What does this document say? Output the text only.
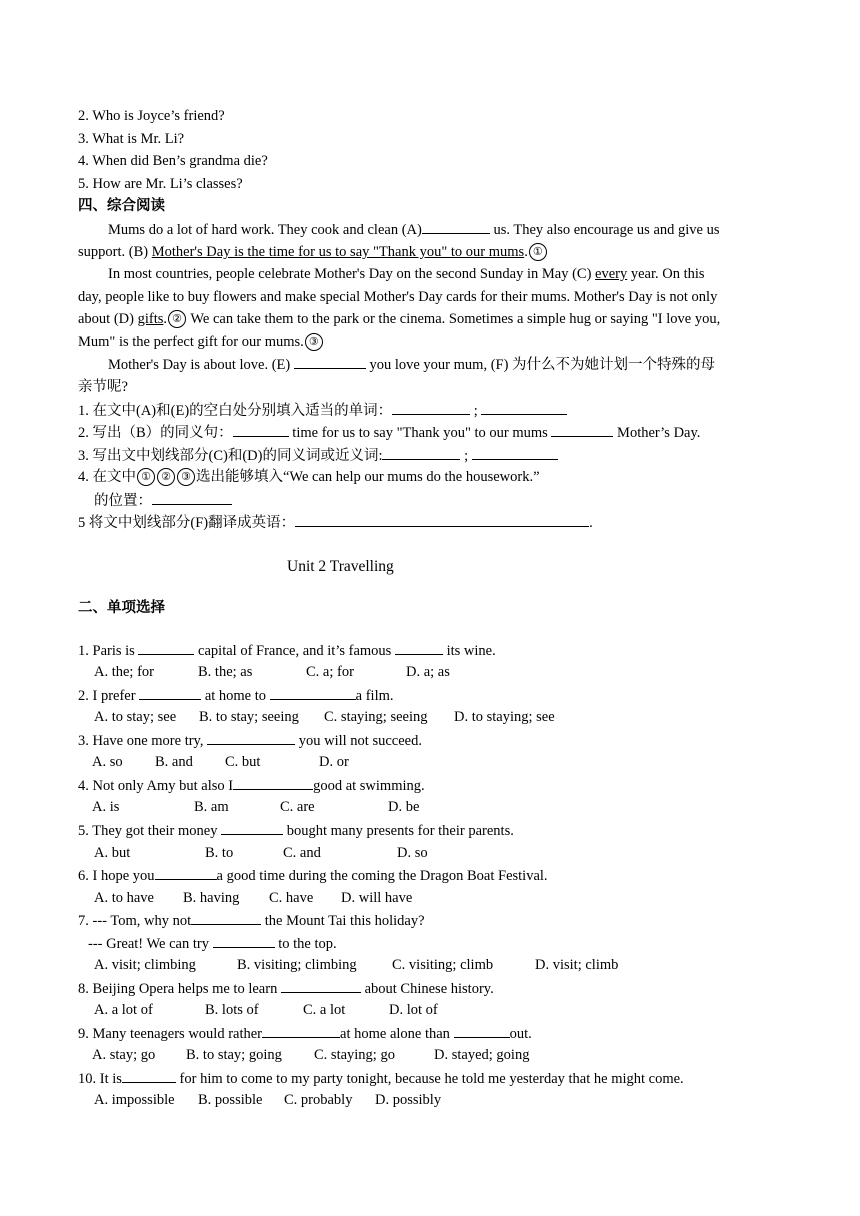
2. Who is Joyce’s friend?
3. What is Mr. Li?
4. When did Ben’s grandma die?
5. How are Mr. Li’s classes?
四、综合阅读
Mums do a lot of hard work. They cook and clean (A)	us. They also encourage us and give us
support. (B) Mother's Day is the time for us to say "Thank you" to our mums. ①
In most countries, people celebrate Mother's Day on the second Sunday in May (C) every year. On this
day, people like to buy flowers and make special Mother's Day cards for their mums. Mother's Day is not only
about (D) gifts. ② We can take them to the park or the cinema. Sometimes a simple hug or saying "I love you,
Mum" is the perfect gift for our mums. ③
Mother's Day is about love. (E)	you love your mum, (F) 为什么不为她计划一个特殊的母
亲节呢?
1. 在文中(A)和(E)的空白处分别填入适当的单词：	;
2. 写出（B）的同义句：	time for us to say "Thank you" to our mums	Mother’s Day.
3. 写出文中划线部分(C)和(D)的同义词或近义词:	;
4. 在文中 ① ② ③ 选出能够填入“We can help our mums do the housework.”
的位置：
5 将文中划线部分(F)翻译成英语：	.
Unit 2 Travelling
二、单项选择
1. Paris is	capital of France, and it’s famous	its wine.
A. the; for	B. the; as	C. a; for	D. a; as
2. I prefer	at home to	a film.
A. to stay; see B. to stay; seeing C. staying; seeing D. to staying; see
3. Have one more try,	you will not succeed.
A. so B. and C. but	D. or
4. Not only Amy but also I	good at swimming.
A. is	B. am	C. are	D. be
5. They got their money	bought many presents for their parents.
A. but	B. to	C. and	D. so
6. I hope you	a good time during the coming the Dragon Boat Festival.
A. to have B. having C. have D. will have
7. --- Tom, why not	the Mount Tai this holiday?
--- Great! We can try	to the top.
A. visit; climbing	B. visiting; climbing C. visiting; climb	D. visit; climb
8. Beijing Opera helps me to learn	about Chinese history.
A. a lot of	B. lots of	C. a lot	D. lot of
9. Many teenagers would rather	at home alone than	out.
A. stay; go B. to stay; going C. staying; go	D. stayed; going
10. It is	for him to come to my party tonight, because he told me yesterday that he might come.
A. impossible B. possible C. probably D. possibly
